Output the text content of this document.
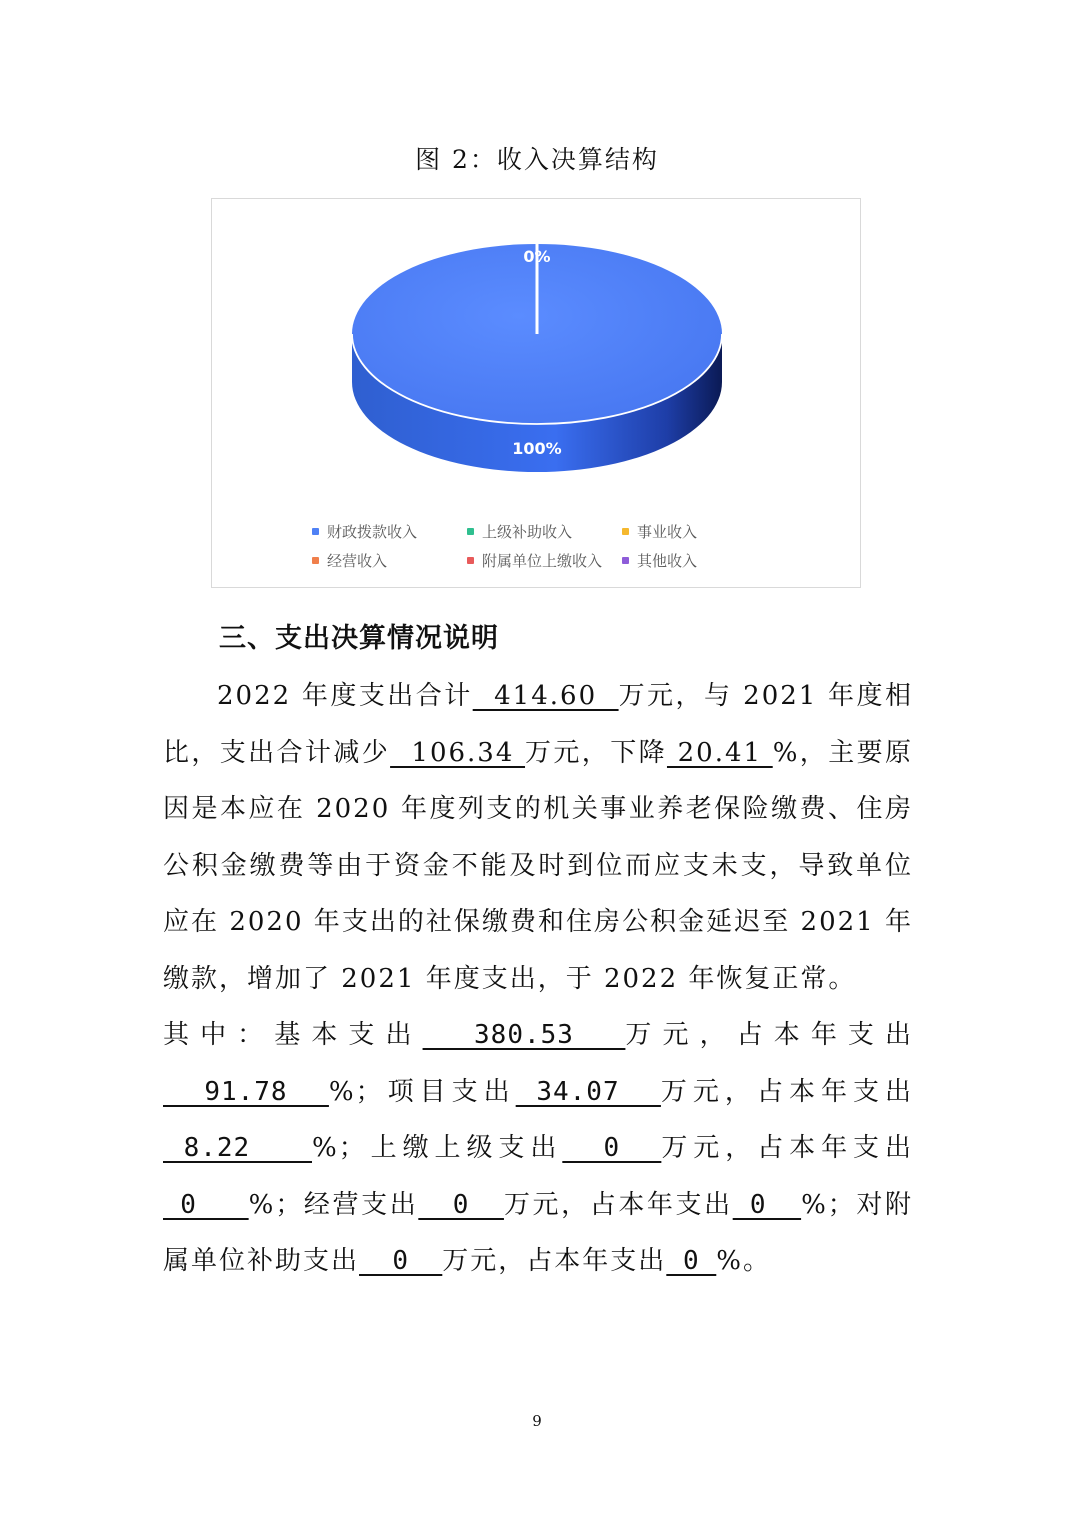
图 2：收入决算结构
0%
100%
财政拨款收入	上级补助收入	事业收入
经营收入	附属单位上缴收入 其他收入
三、支出决算情况说明

2022 年度支出合计  414.60  万元，与 2021 年度相比，支出合计减少  106.34 万元，下降 20.41 %，主要原因是本应在 2020 年度列支的机关事业养老保险缴费、住房公积金缴费等由于资金不能及时到位而应支未支，导致单位应在 2020 年支出的社保缴费和住房公积金延迟至 2021 年缴款，增加了 2021 年度支出，于 2022 年恢复正常。

其中：基本支出  380.53  万元，占本年支出  91.78  %；项目支出 34.07  万元，占本年支出 8.22   %；上缴上级支出  0  万元，占本年支出 0   %；经营支出  0  万元，占本年支出 0  %；对附属单位补助支出  0  万元，占本年支出 0 %。

9
